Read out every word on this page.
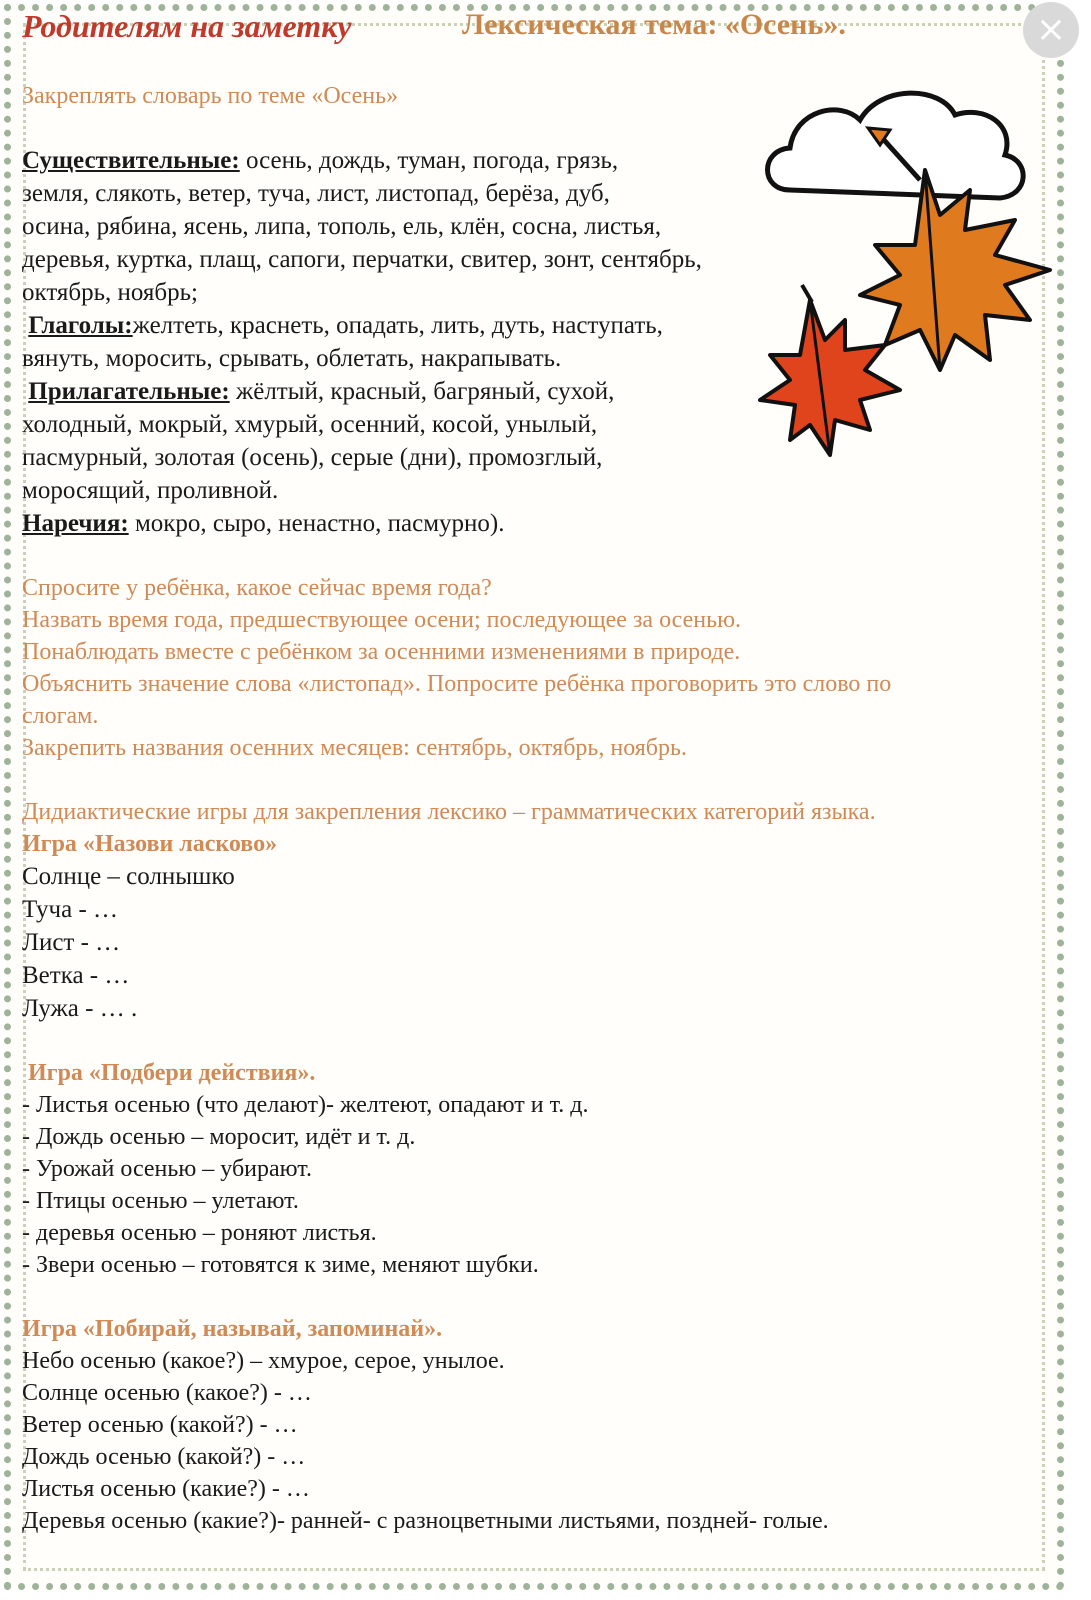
×
Родителям на заметку	Лексическая тема: «Осень».

Закреплять словарь по теме «Осень»

Существительные: осень, дождь, туман, погода, грязь,

земля, слякоть, ветер, туча, лист, листопад, берёза, дуб,

осина, рябина, ясень, липа, тополь, ель, клён, сосна, листья,

деревья, куртка, плащ, сапоги, перчатки, свитер, зонт, сентябрь,

октябрь, ноябрь;

Глаголы:желтеть, краснеть, опадать, лить, дуть, наступать,

вянуть, моросить, срывать, облетать, накрапывать.

Прилагательные: жёлтый, красный, багряный, сухой,

холодный, мокрый, хмурый, осенний, косой, унылый,

пасмурный, золотая (осень), серые (дни), промозглый,

моросящий, проливной.

Наречия: мокро, сыро, ненастно, пасмурно).

Спросите у ребёнка, какое сейчас время года?

Назвать время года, предшествующее осени; последующее за осенью.

Понаблюдать вместе с ребёнком за осенними изменениями в природе.

Объяснить значение слова «листопад». Попросите ребёнка проговорить это слово по

слогам.

Закрепить названия осенних месяцев: сентябрь, октябрь, ноябрь.

Дидиактические игры для закрепления лексико – грамматических категорий языка.

Игра «Назови ласково»

Солнце – солнышко

Туча - …

Лист - …

Ветка - …

Лужа - … .

Игра «Подбери действия».

- Листья осенью (что делают)- желтеют, опадают и т. д.

- Дождь осенью – моросит, идёт и т. д.

- Урожай осенью – убирают.

- Птицы осенью – улетают.

- деревья осенью – роняют листья.

- Звери осенью – готовятся к зиме, меняют шубки.

Игра «Побирай, называй, запоминай».

Небо осенью (какое?) – хмурое, серое, унылое.

Солнце осенью (какое?) - …

Ветер осенью (какой?) - …

Дождь осенью (какой?) - …

Листья осенью (какие?) - …

Деревья осенью (какие?)- ранней- с разноцветными листьями, поздней- голые.
